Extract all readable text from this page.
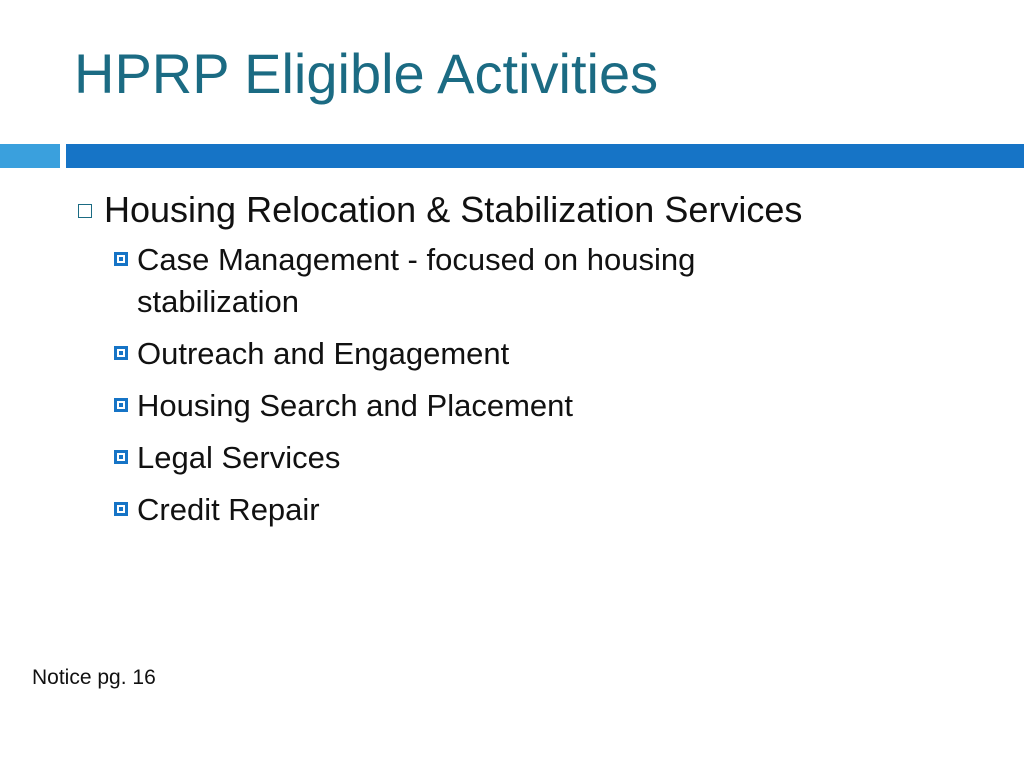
HPRP Eligible Activities
Housing Relocation & Stabilization Services
Case Management - focused on housing stabilization
Outreach and Engagement
Housing Search and Placement
Legal Services
Credit Repair
Notice pg. 16
